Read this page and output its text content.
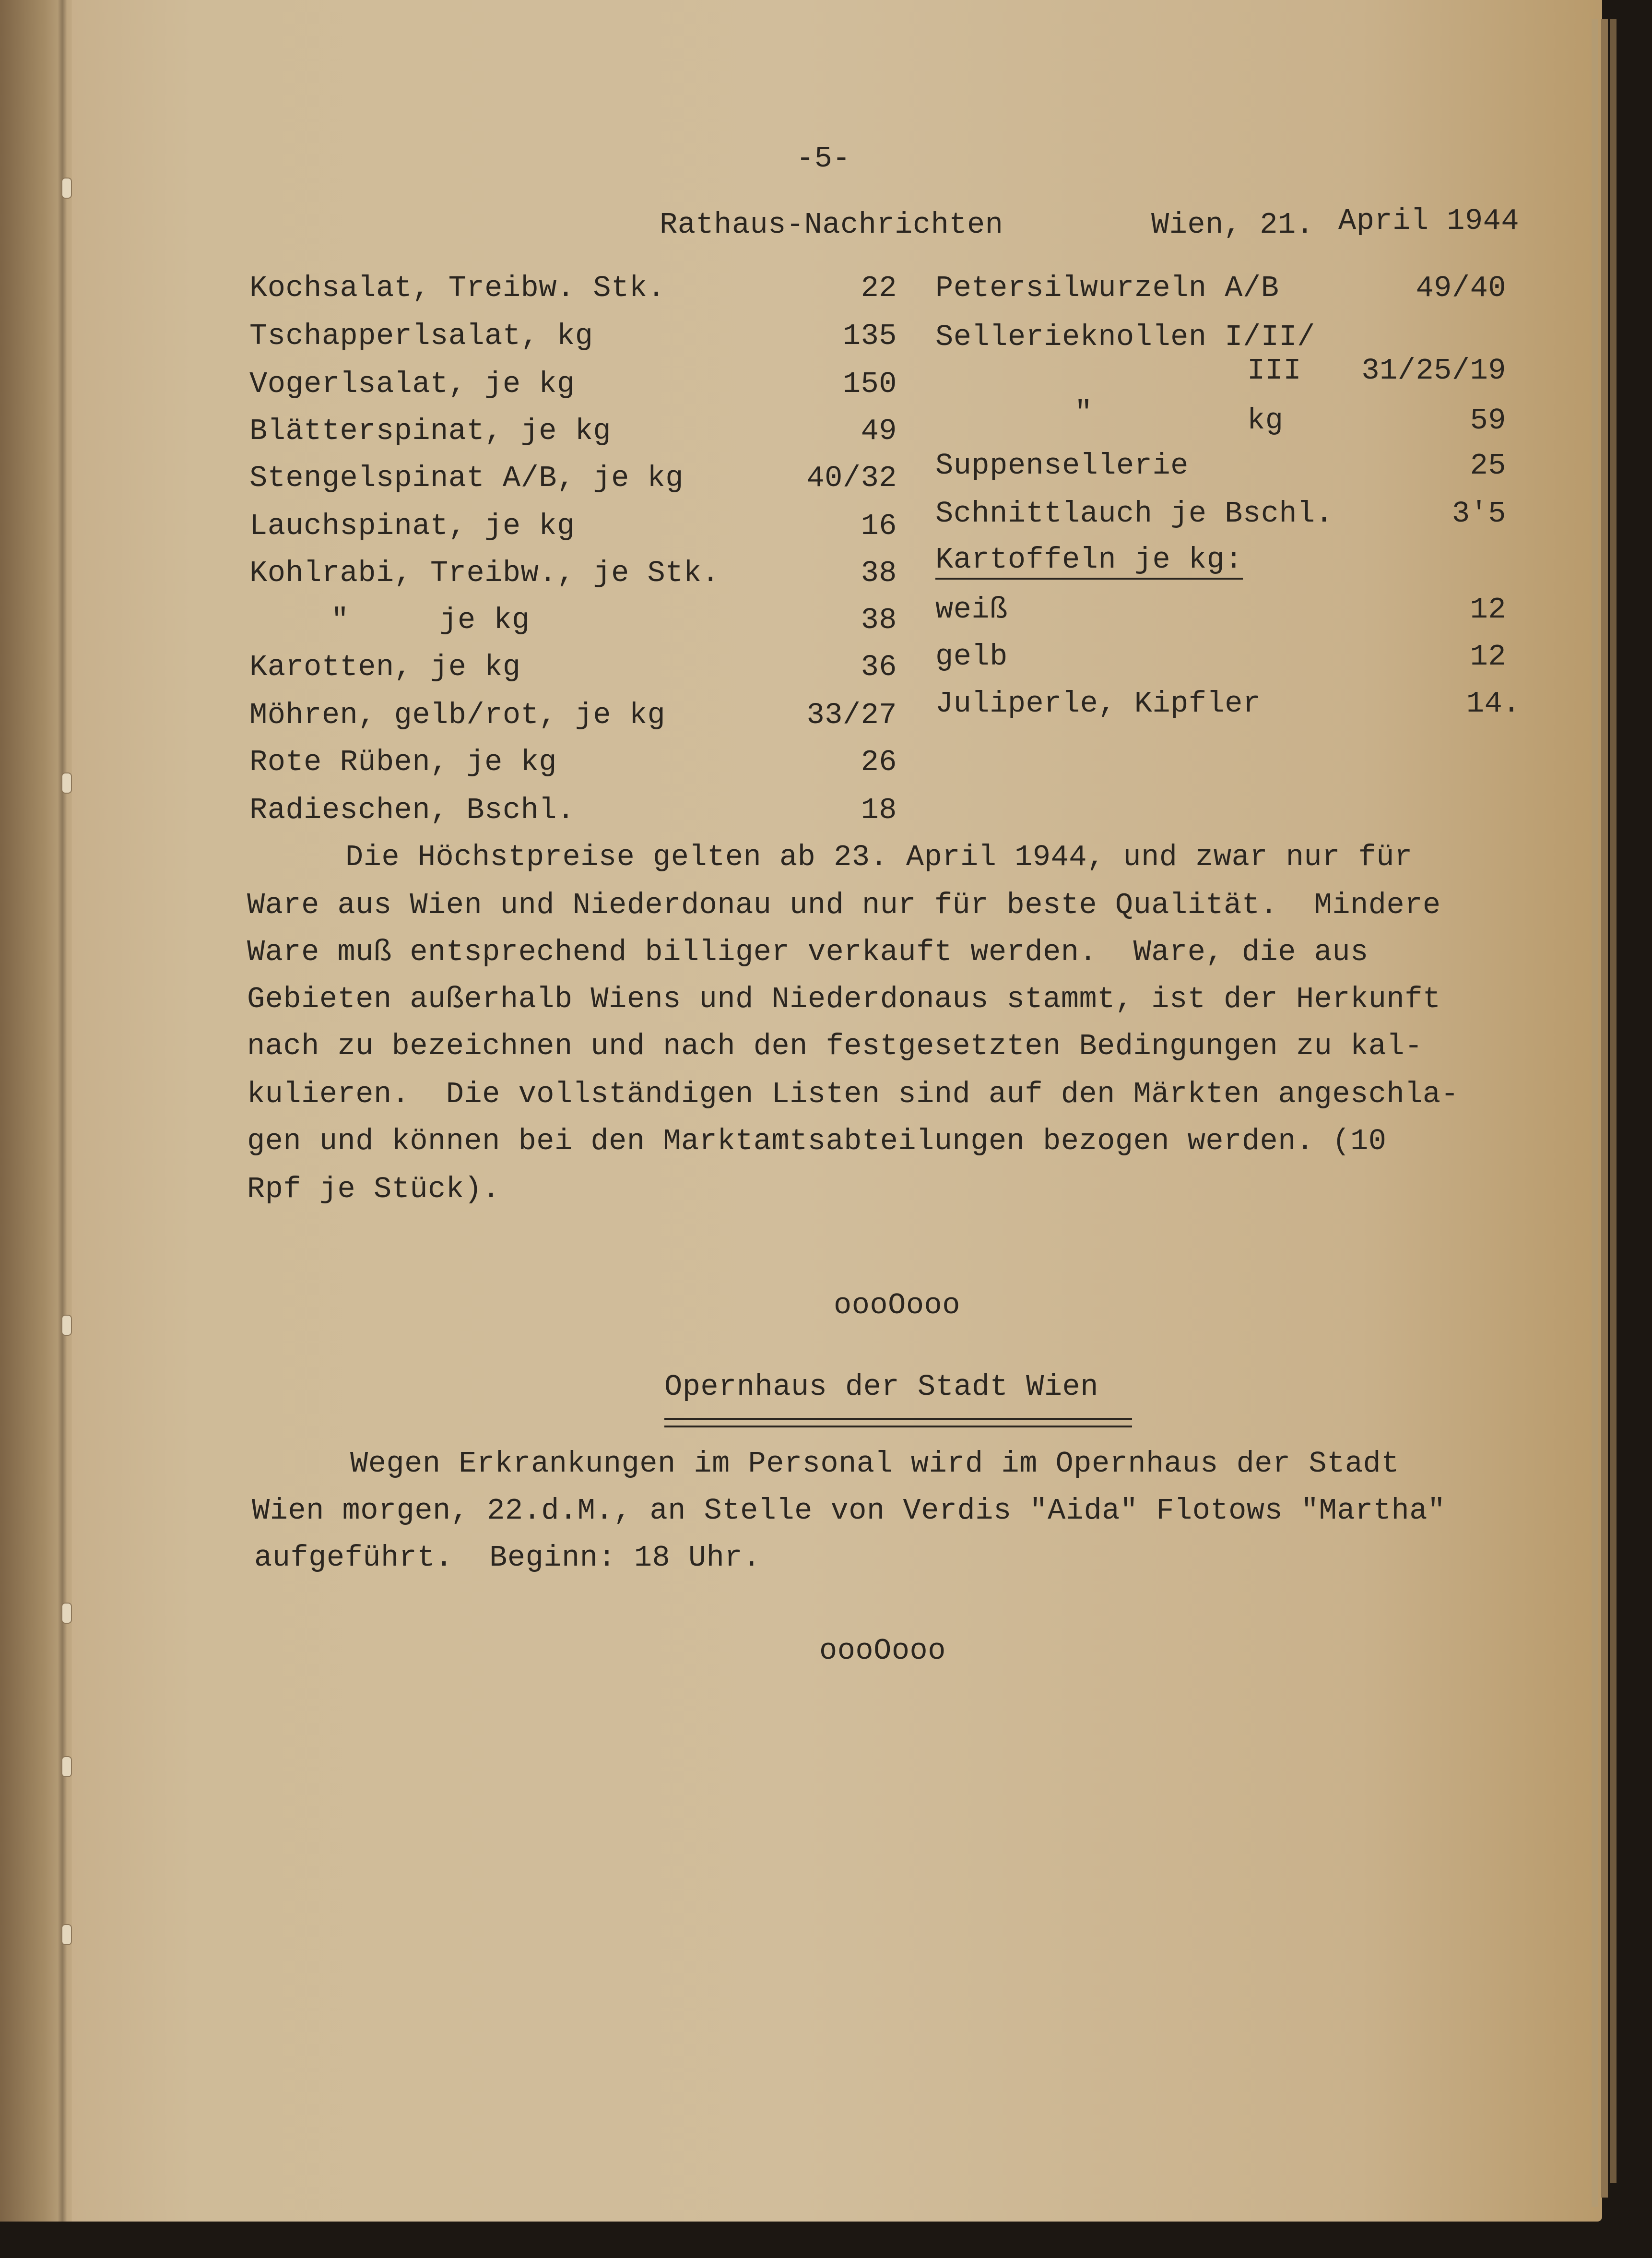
-5-
Rathaus-Nachrichten	Wien, 21. April 1944
Kochsalat, Treibw. Stk.	22
Tschapperlsalat, kg	135
Vogerlsalat, je kg	150
Blätterspinat, je kg	49
Stengelspinat A/B, je kg	40/32
Lauchspinat, je kg	16
Kohlrabi, Treibw., je Stk.	38
"     je kg	38
Karotten, je kg	36
Möhren, gelb/rot, je kg	33/27
Rote Rüben, je kg	26
Radieschen, Bschl.	18
Petersilwurzeln A/B	49/40
Sellerieknollen I/II/
III	31/25/19
"	kg	59
Suppensellerie	25
Schnittlauch je Bschl.	3'5
Kartoffeln je kg:
weiß	12
gelb	12
Juliperle, Kipfler	14.
Die Höchstpreise gelten ab 23. April 1944, und zwar nur für
Ware aus Wien und Niederdonau und nur für beste Qualität.  Mindere
Ware muß entsprechend billiger verkauft werden.  Ware, die aus
Gebieten außerhalb Wiens und Niederdonaus stammt, ist der Herkunft
nach zu bezeichnen und nach den festgesetzten Bedingungen zu kal-
kulieren.  Die vollständigen Listen sind auf den Märkten angeschla-
gen und können bei den Marktamtsabteilungen bezogen werden. (10
Rpf je Stück).
oooOooo
Opernhaus der Stadt Wien
Wegen Erkrankungen im Personal wird im Opernhaus der Stadt
Wien morgen, 22.d.M., an Stelle von Verdis "Aida" Flotows "Martha"
aufgeführt.  Beginn: 18 Uhr.
oooOooo
